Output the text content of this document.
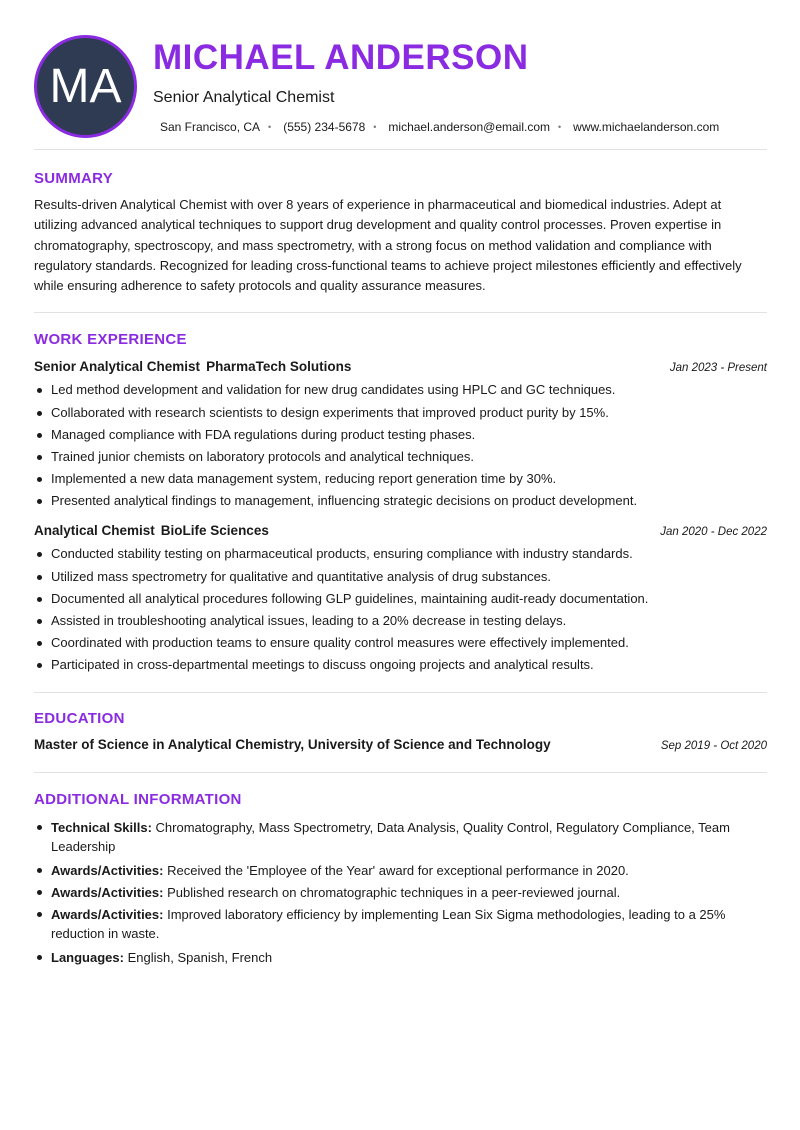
MA
MICHAEL ANDERSON
Senior Analytical Chemist
San Francisco, CA • (555) 234-5678 • michael.anderson@email.com • www.michaelanderson.com
SUMMARY

Results-driven Analytical Chemist with over 8 years of experience in pharmaceutical and biomedical industries. Adept at utilizing advanced analytical techniques to support drug development and quality control processes. Proven expertise in chromatography, spectroscopy, and mass spectrometry, with a strong focus on method validation and compliance with regulatory standards. Recognized for leading cross-functional teams to achieve project milestones efficiently and effectively while ensuring adherence to safety protocols and quality assurance measures.

WORK EXPERIENCE
Senior Analytical Chemist PharmaTech Solutions	Jan 2023 - Present
Led method development and validation for new drug candidates using HPLC and GC techniques.
Collaborated with research scientists to design experiments that improved product purity by 15%.
Managed compliance with FDA regulations during product testing phases.
Trained junior chemists on laboratory protocols and analytical techniques.
Implemented a new data management system, reducing report generation time by 30%.
Presented analytical findings to management, influencing strategic decisions on product development.
Analytical Chemist BioLife Sciences	Jan 2020 - Dec 2022
Conducted stability testing on pharmaceutical products, ensuring compliance with industry standards.
Utilized mass spectrometry for qualitative and quantitative analysis of drug substances.
Documented all analytical procedures following GLP guidelines, maintaining audit-ready documentation.
Assisted in troubleshooting analytical issues, leading to a 20% decrease in testing delays.
Coordinated with production teams to ensure quality control measures were effectively implemented.
Participated in cross-departmental meetings to discuss ongoing projects and analytical results.
EDUCATION
Master of Science in Analytical Chemistry, University of Science and Technology	Sep 2019 - Oct 2020
ADDITIONAL INFORMATION
Technical Skills: Chromatography, Mass Spectrometry, Data Analysis, Quality Control, Regulatory Compliance, Team Leadership
Awards/Activities: Received the 'Employee of the Year' award for exceptional performance in 2020.
Awards/Activities: Published research on chromatographic techniques in a peer-reviewed journal.
Awards/Activities: Improved laboratory efficiency by implementing Lean Six Sigma methodologies, leading to a 25% reduction in waste.
Languages: English, Spanish, French
